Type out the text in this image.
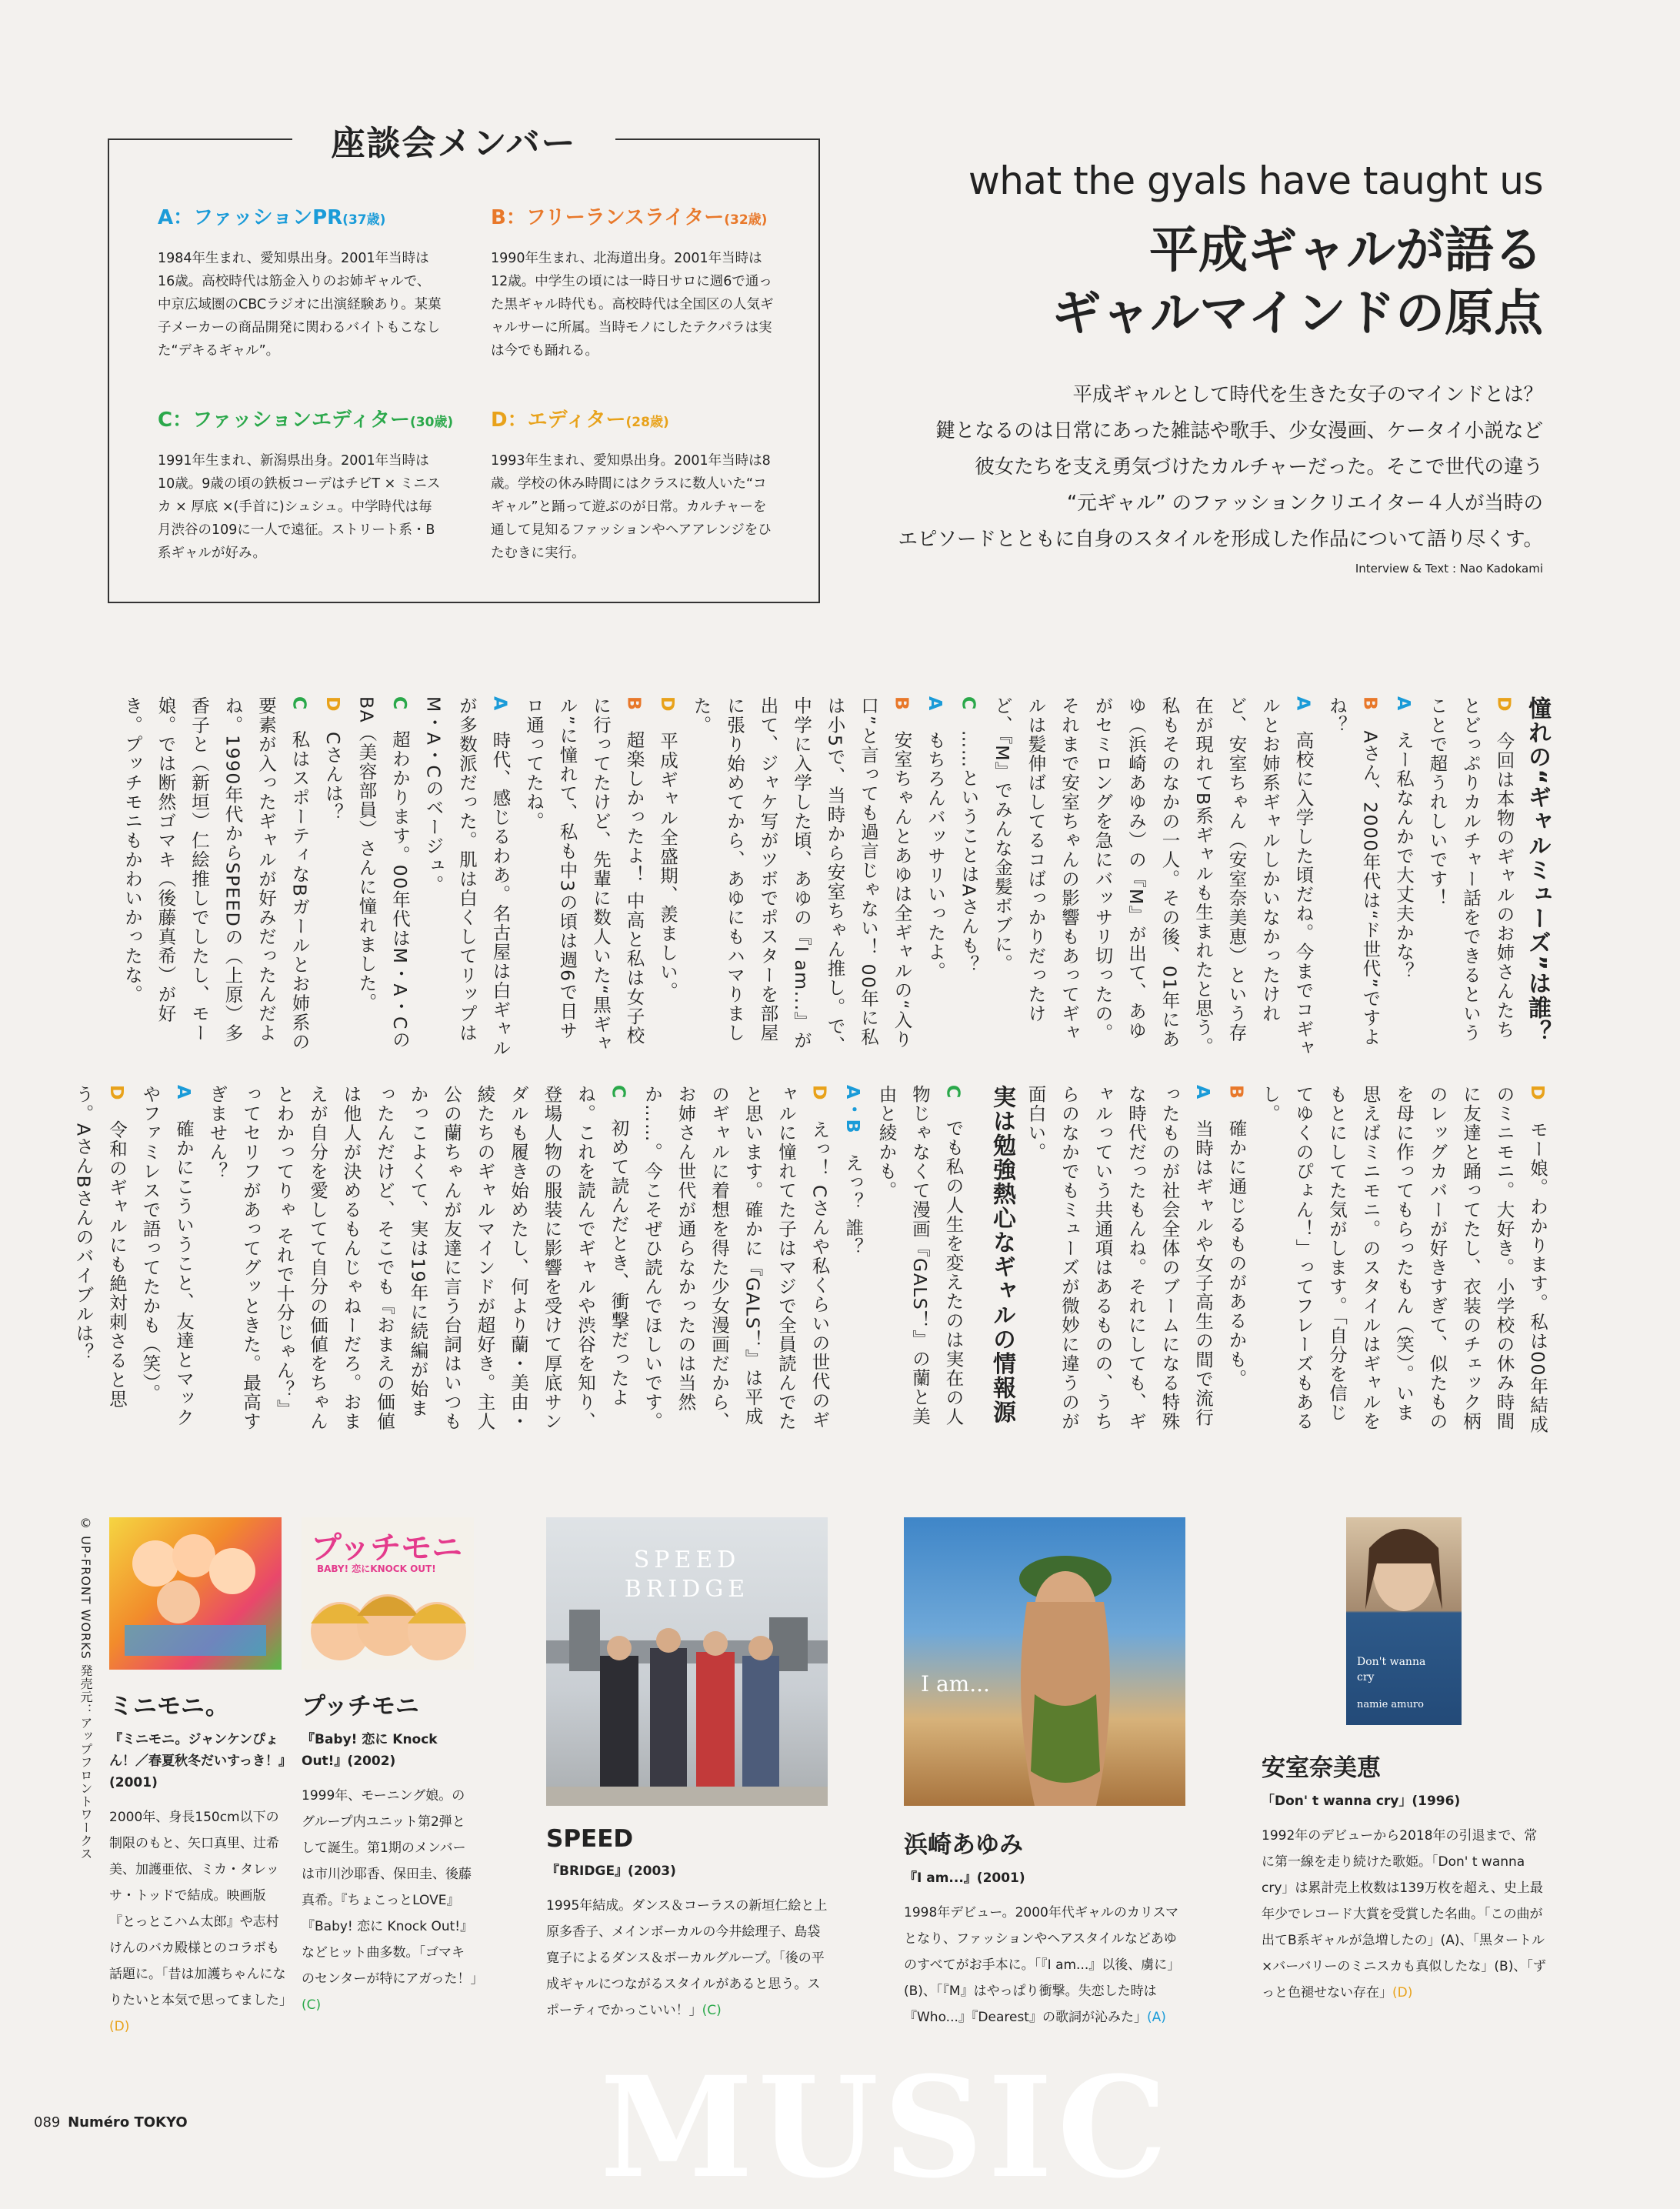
座談会メンバー
A：ファッションPR(37歳)
1984年生まれ、愛知県出身。2001年当時は16歳。高校時代は筋金入りのお姉ギャルで、中京広域圏のCBCラジオに出演経験あり。某菓子メーカーの商品開発に関わるバイトもこなした“デキるギャル”。
B：フリーランスライター(32歳)
1990年生まれ、北海道出身。2001年当時は12歳。中学生の頃には一時日サロに週6で通った黒ギャル時代も。高校時代は全国区の人気ギャルサーに所属。当時モノにしたテクパラは実は今でも踊れる。
C：ファッションエディター(30歳)
1991年生まれ、新潟県出身。2001年当時は10歳。9歳の頃の鉄板コーデはチビT × ミニスカ × 厚底 ×(手首に)シュシュ。中学時代は毎月渋谷の109に一人で遠征。ストリート系・B系ギャルが好み。
D：エディター(28歳)
1993年生まれ、愛知県出身。2001年当時は8歳。学校の休み時間にはクラスに数人いた“コギャル”と踊って遊ぶのが日常。カルチャーを通して見知るファッションやヘアアレンジをひたむきに実行。
what the gyals have taught us
平成ギャルが語る
ギャルマインドの原点
平成ギャルとして時代を生きた女子のマインドとは？
鍵となるのは日常にあった雑誌や歌手、少女漫画、ケータイ小説など
彼女たちを支え勇気づけたカルチャーだった。そこで世代の違う
“元ギャル” のファッションクリエイター４人が当時の
エピソードとともに自身のスタイルを形成した作品について語り尽くす。
Interview & Text : Nao Kadokami
憧れの“ギャルミューズ”は誰？
D　今回は本物のギャルのお姉さんたちとどっぷりカルチャー話をできるということで超うれしいです！
A　えー私なんかで大丈夫かな？
B　Aさん、2000年代は“ド世代”ですよね？
A　高校に入学した頃だね。今までコギャルとお姉系ギャルしかいなかったけれど、安室ちゃん（安室奈美恵）という存在が現れてB系ギャルも生まれたと思う。私もそのなかの一人。その後、01年にあゆ（浜崎あゆみ）の『M』が出て、あゆがセミロングを急にバッサリ切ったの。それまで安室ちゃんの影響もあってギャルは髪伸ばしてるコばっかりだったけど、『M』でみんな金髪ボブに。
C　……ということはAさんも？
A　もちろんバッサリいったよ。
B　安室ちゃんとあゆは全ギャルの“入り口”と言っても過言じゃない！ 00年に私は小5で、当時から安室ちゃん推し。で、中学に入学した頃、あゆの『I am...』が出て、ジャケ写がツボでポスターを部屋に張り始めてから、あゆにもハマりました。
D　平成ギャル全盛期、羨ましい。
B　超楽しかったよ！ 中高と私は女子校に行ってたけど、先輩に数人いた“黒ギャル”に憧れて、私も中3の頃は週6で日サロ通ってたね。
A　時代、感じるわあ。名古屋は白ギャルが多数派だった。肌は白くしてリップはM・A・Cのベージュ。
C　超わかります。00年代はM・A・CのBA（美容部員）さんに憧れました。
D　Cさんは？
C　私はスポーティなBガールとお姉系の要素が入ったギャルが好みだったんだよね。1990年代からSPEEDの（上原）多香子と（新垣）仁絵推しでしたし、モー娘。では断然ゴマキ（後藤真希）が好き。プッチモニもかわいかったな。
D　モー娘。わかります。私は00年結成のミニモニ。大好き。小学校の休み時間に友達と踊ってたし、衣装のチェック柄のレッグカバーが好きすぎて、似たものを母に作ってもらったもん（笑）。いま思えばミニモニ。のスタイルはギャルをもとにしてた気がします。「自分を信じてゆくのぴょん！」ってフレーズもあるし。
B　確かに通じるものがあるかも。
A　当時はギャルや女子高生の間で流行ったものが社会全体のブームになる特殊な時代だったもんね。それにしても、ギャルっていう共通項はあるものの、うちらのなかでもミューズが微妙に違うのが面白い。
実は勉強熱心なギャルの情報源
C　でも私の人生を変えたのは実在の人物じゃなくて漫画『GALS！』の蘭と美由と綾かも。
A・B　えっ？ 誰？
D　えっ！ Cさんや私くらいの世代のギャルに憧れてた子はマジで全員読んでたと思います。確かに『GALS！』は平成のギャルに着想を得た少女漫画だから、お姉さん世代が通らなかったのは当然か……。今こそぜひ読んでほしいです。
C　初めて読んだとき、衝撃だったよね。これを読んでギャルや渋谷を知り、登場人物の服装に影響を受けて厚底サンダルも履き始めたし、何より蘭・美由・綾たちのギャルマインドが超好き。主人公の蘭ちゃんが友達に言う台詞はいつもかっこよくて、実は19年に続編が始まったんだけど、そこでも『おまえの価値は他人が決めるもんじゃねーだろ。おまえが自分を愛してて自分の価値をちゃんとわかってりゃ それで十分じゃん？』ってセリフがあってグッときた。最高すぎません？
A　確かにこういうこと、友達とマックやファミレスで語ってたかも（笑）。
D　令和のギャルにも絶対刺さると思う。AさんBさんのバイブルは？
© UP-FRONT WORKS 発売元：アップフロントワークス	プッチモニ
BABY! 恋にKNOCK OUT!	SPEED
BRIDGE
I am...
Don't wanna
cry
namie amuro
ミニモニ。
『ミニモニ。ジャンケンぴょん！／春夏秋冬だいすっき！』(2001)
2000年、身長150cm以下の制限のもと、矢口真里、辻希美、加護亜依、ミカ・タレッサ・トッドで結成。映画版『とっとこハム太郎』や志村けんのバカ殿様とのコラボも話題に。「昔は加護ちゃんになりたいと本気で思ってました」(D)
プッチモニ
『Baby! 恋に Knock Out!』(2002)
1999年、モーニング娘。のグループ内ユニット第2弾として誕生。第1期のメンバーは市川沙耶香、保田圭、後藤真希。『ちょこっとLOVE』『Baby! 恋に Knock Out!』などヒット曲多数。「ゴマキのセンターが特にアガった！」(C)
SPEED
『BRIDGE』(2003)
1995年結成。ダンス＆コーラスの新垣仁絵と上原多香子、メインボーカルの今井絵理子、島袋寛子によるダンス＆ボーカルグループ。「後の平成ギャルにつながるスタイルがあると思う。スポーティでかっこいい！」(C)
浜崎あゆみ
『I am...』(2001)
1998年デビュー。2000年代ギャルのカリスマとなり、ファッションやヘアスタイルなどあゆのすべてがお手本に。「『I am...』以後、虜に」(B)、「『M』はやっぱり衝撃。失恋した時は『Who...』『Dearest』の歌詞が沁みた」(A)
安室奈美恵
「Don' t wanna cry」(1996)
1992年のデビューから2018年の引退まで、常に第一線を走り続けた歌姫。「Don' t wanna cry」は累計売上枚数は139万枚を超え、史上最年少でレコード大賞を受賞した名曲。「この曲が出てB系ギャルが急増したの」(A)、「黒タートル×バーバリーのミニスカも真似したな」(B)、「ずっと色褪せない存在」(D)
MUSIC
089 Numéro TOKYO
